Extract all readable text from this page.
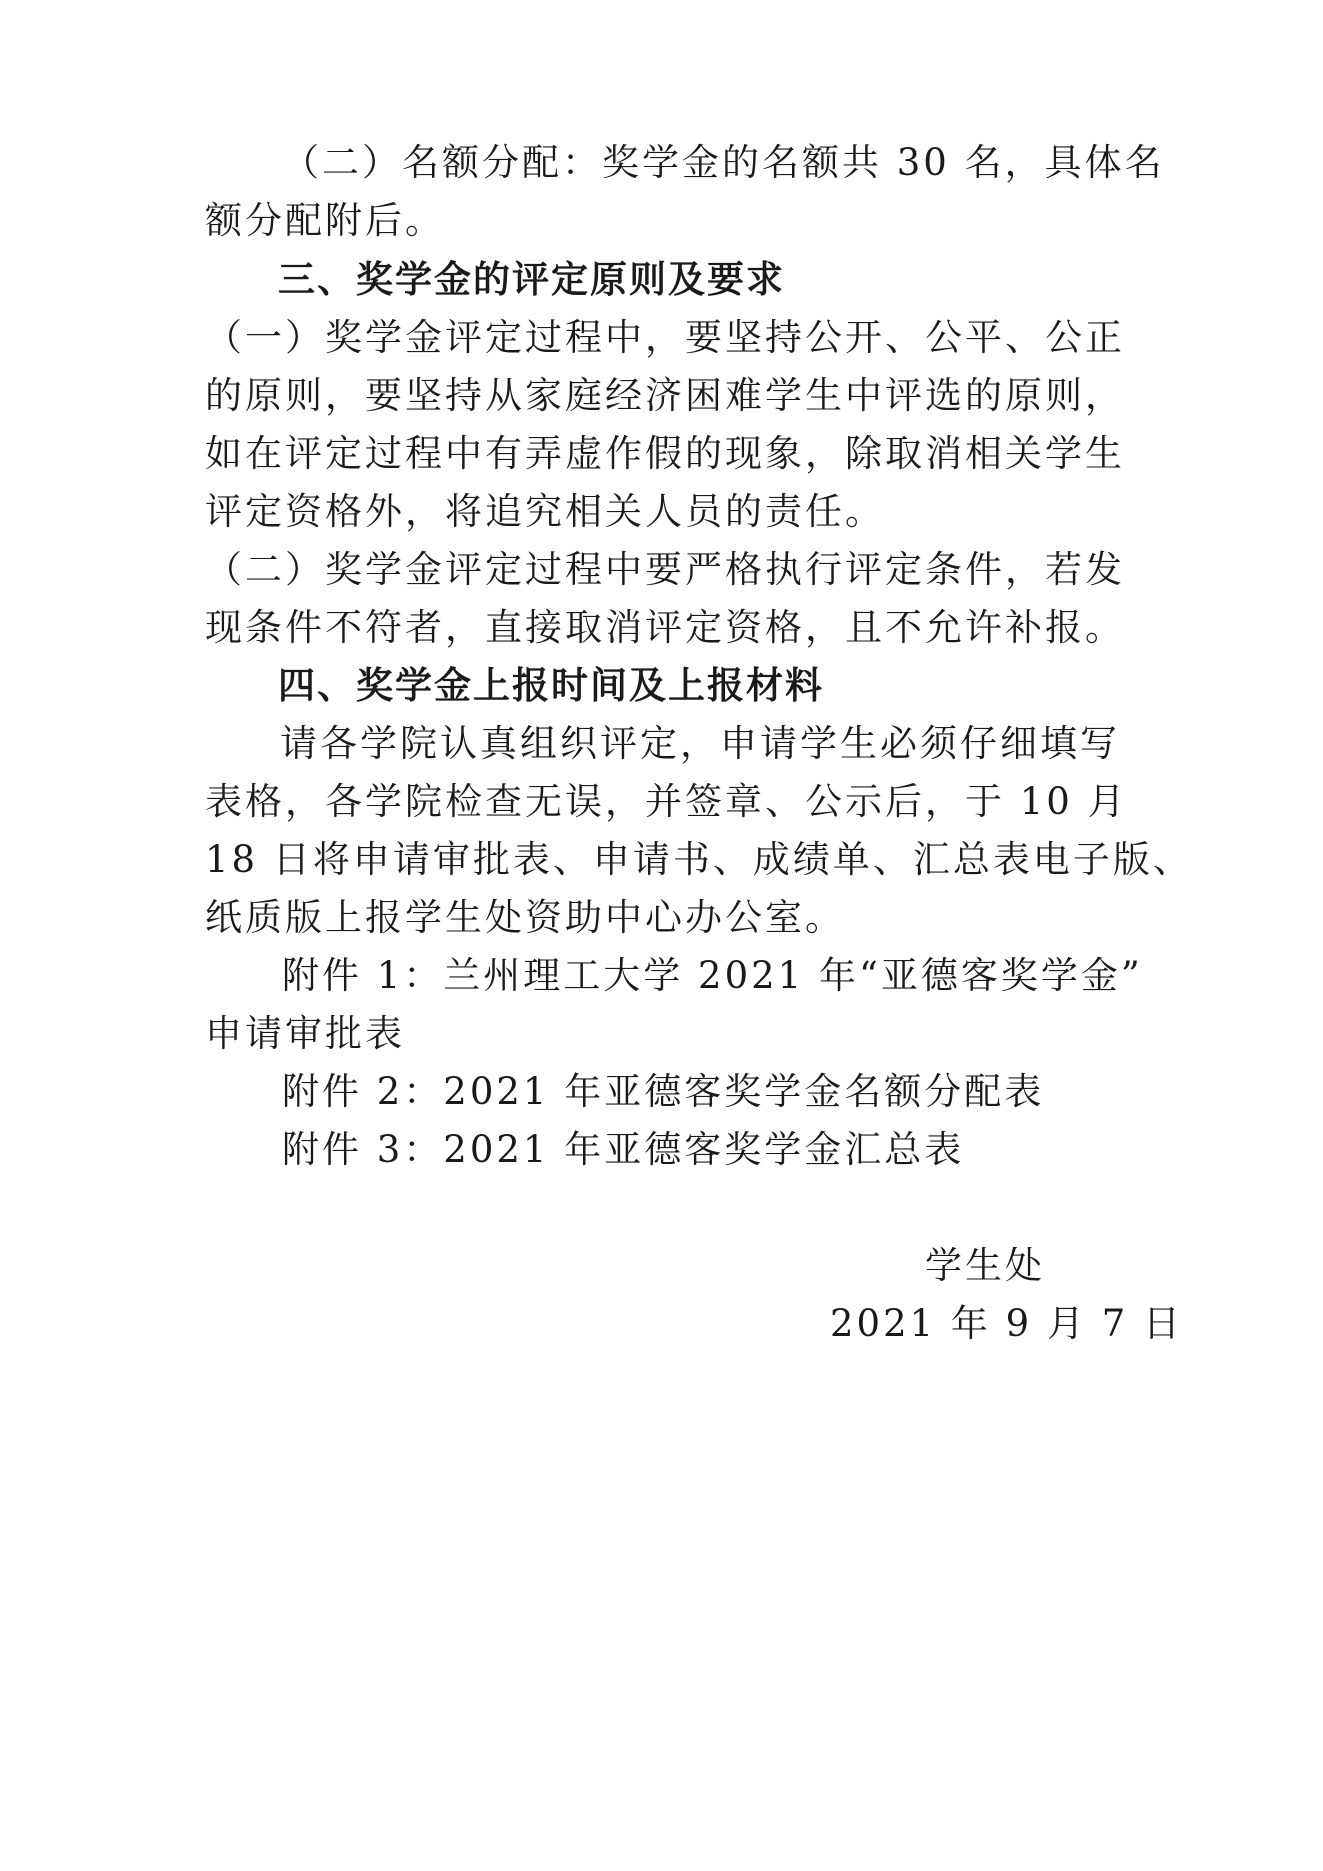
（二）名额分配：奖学金的名额共 30 名，具体名
额分配附后。
三、奖学金的评定原则及要求
（一）奖学金评定过程中，要坚持公开、公平、公正
的原则，要坚持从家庭经济困难学生中评选的原则，
如在评定过程中有弄虚作假的现象，除取消相关学生
评定资格外，将追究相关人员的责任。
（二）奖学金评定过程中要严格执行评定条件，若发
现条件不符者，直接取消评定资格，且不允许补报。
四、奖学金上报时间及上报材料
请各学院认真组织评定，申请学生必须仔细填写
表格，各学院检查无误，并签章、公示后，于 10 月
18 日将申请审批表、申请书、成绩单、汇总表电子版、
纸质版上报学生处资助中心办公室。
附件 1：兰州理工大学 2021 年“亚德客奖学金”
申请审批表
附件 2：2021 年亚德客奖学金名额分配表
附件 3：2021 年亚德客奖学金汇总表
学生处
2021 年 9 月 7 日
